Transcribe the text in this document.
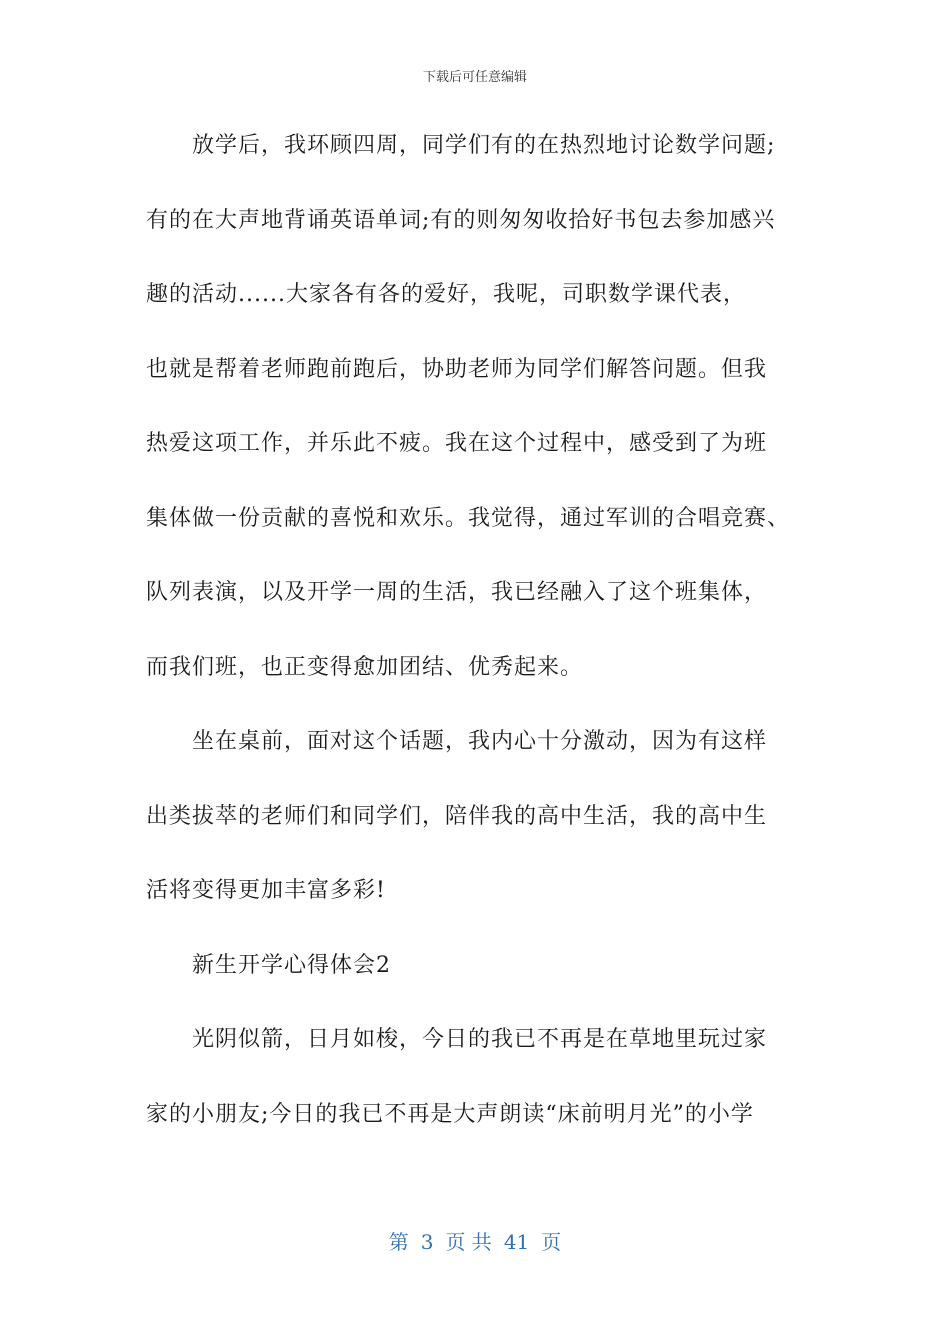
下载后可任意编辑
放学后，我环顾四周，同学们有的在热烈地讨论数学问题;
有的在大声地背诵英语单词;有的则匆匆收拾好书包去参加感兴
趣的活动......大家各有各的爱好，我呢，司职数学课代表，
也就是帮着老师跑前跑后，协助老师为同学们解答问题。但我
热爱这项工作，并乐此不疲。我在这个过程中，感受到了为班
集体做一份贡献的喜悦和欢乐。我觉得，通过军训的合唱竞赛、
队列表演，以及开学一周的生活，我已经融入了这个班集体，
而我们班，也正变得愈加团结、优秀起来。
坐在桌前，面对这个话题，我内心十分激动，因为有这样
出类拔萃的老师们和同学们，陪伴我的高中生活，我的高中生
活将变得更加丰富多彩!
新生开学心得体会2
光阴似箭，日月如梭，今日的我已不再是在草地里玩过家
家的小朋友;今日的我已不再是大声朗读“床前明月光”的小学
第 3 页 共 41 页
